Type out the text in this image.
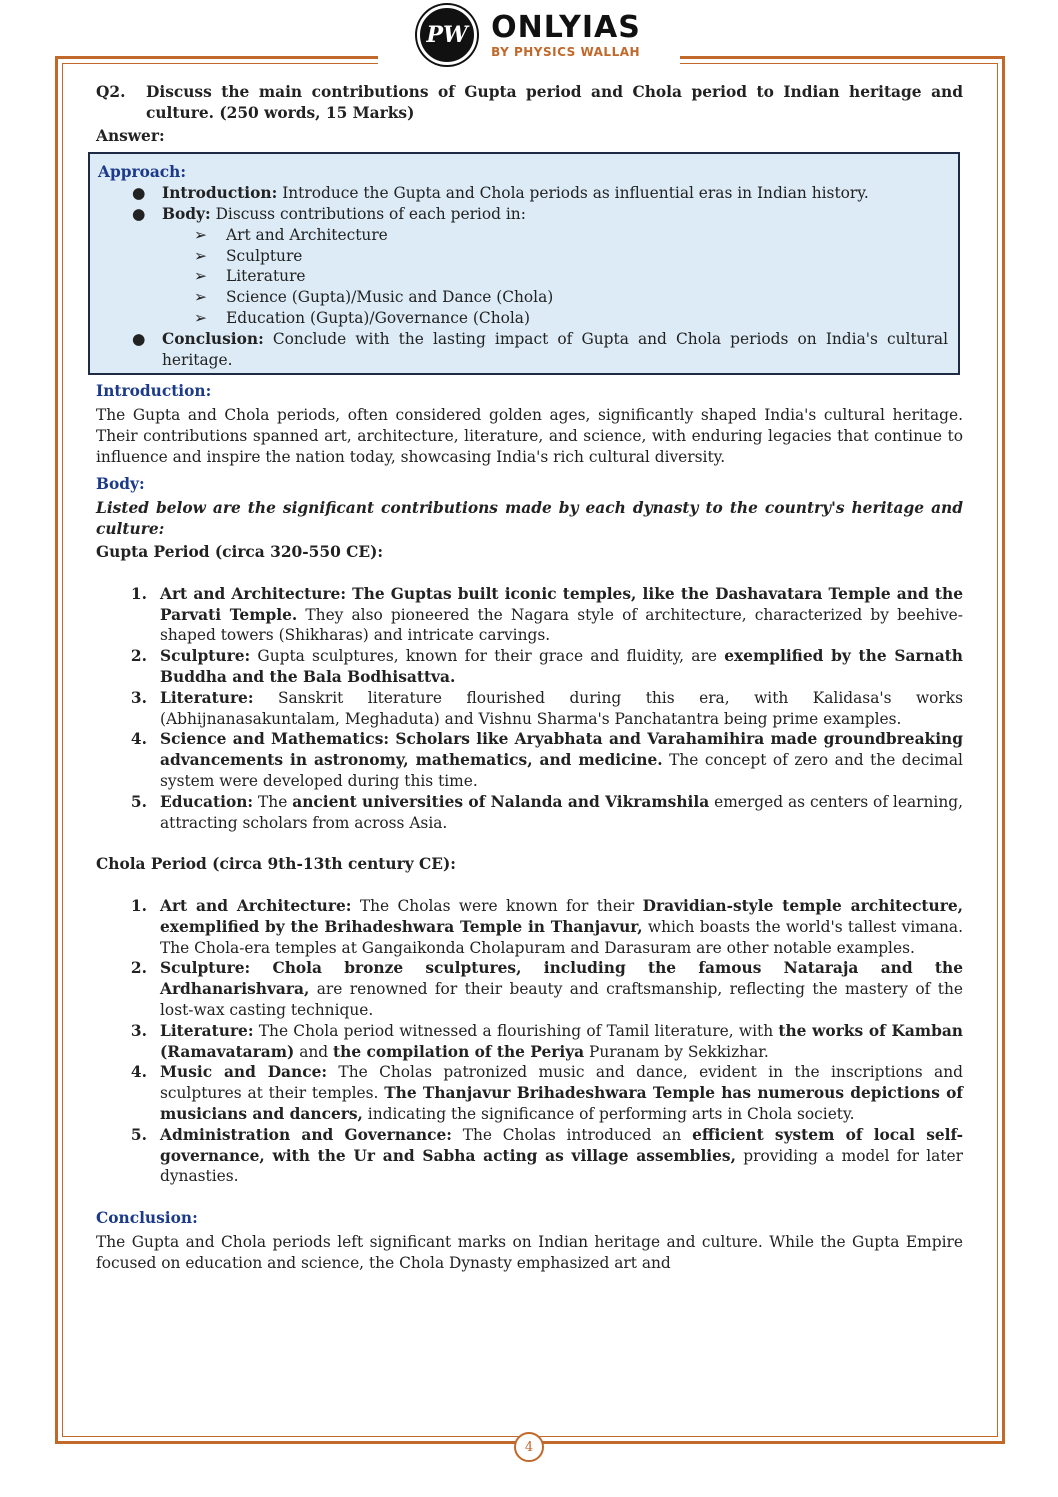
PW ONLYIAS
BY PHYSICS WALLAH
Q2.	Discuss the main contributions of Gupta period and Chola period to Indian heritage and culture. (250 words, 15 Marks)
Answer:
Approach:
●	Introduction: Introduce the Gupta and Chola periods as influential eras in Indian history.
●	Body: Discuss contributions of each period in:
➢	Art and Architecture
➢	Sculpture
➢	Literature
➢	Science (Gupta)/Music and Dance (Chola)
➢	Education (Gupta)/Governance (Chola)
●	Conclusion: Conclude with the lasting impact of Gupta and Chola periods on India's cultural heritage.
Introduction:

The Gupta and Chola periods, often considered golden ages, significantly shaped India's cultural heritage. Their contributions spanned art, architecture, literature, and science, with enduring legacies that continue to influence and inspire the nation today, showcasing India's rich cultural diversity.

Body:

Listed below are the significant contributions made by each dynasty to the country's heritage and culture:

Gupta Period (circa 320-550 CE):

1. Art and Architecture: The Guptas built iconic temples, like the Dashavatara Temple and the Parvati Temple. They also pioneered the Nagara style of architecture, characterized by beehive-shaped towers (Shikharas) and intricate carvings.
2. Sculpture: Gupta sculptures, known for their grace and fluidity, are exemplified by the Sarnath Buddha and the Bala Bodhisattva.
3. Literature: Sanskrit literature flourished during this era, with Kalidasa's works (Abhijnanasakuntalam, Meghaduta) and Vishnu Sharma's Panchatantra being prime examples.
4. Science and Mathematics: Scholars like Aryabhata and Varahamihira made groundbreaking advancements in astronomy, mathematics, and medicine. The concept of zero and the decimal system were developed during this time.
5. Education: The ancient universities of Nalanda and Vikramshila emerged as centers of learning, attracting scholars from across Asia.

Chola Period (circa 9th-13th century CE):

1. Art and Architecture: The Cholas were known for their Dravidian-style temple architecture, exemplified by the Brihadeshwara Temple in Thanjavur, which boasts the world's tallest vimana. The Chola-era temples at Gangaikonda Cholapuram and Darasuram are other notable examples.
2. Sculpture: Chola bronze sculptures, including the famous Nataraja and the Ardhanarishvara, are renowned for their beauty and craftsmanship, reflecting the mastery of the lost-wax casting technique.
3. Literature: The Chola period witnessed a flourishing of Tamil literature, with the works of Kamban (Ramavataram) and the compilation of the Periya Puranam by Sekkizhar.
4. Music and Dance: The Cholas patronized music and dance, evident in the inscriptions and sculptures at their temples. The Thanjavur Brihadeshwara Temple has numerous depictions of musicians and dancers, indicating the significance of performing arts in Chola society.
5. Administration and Governance: The Cholas introduced an efficient system of local self-governance, with the Ur and Sabha acting as village assemblies, providing a model for later dynasties.
Conclusion:

The Gupta and Chola periods left significant marks on Indian heritage and culture. While the Gupta Empire focused on education and science, the Chola Dynasty emphasized art and

4
